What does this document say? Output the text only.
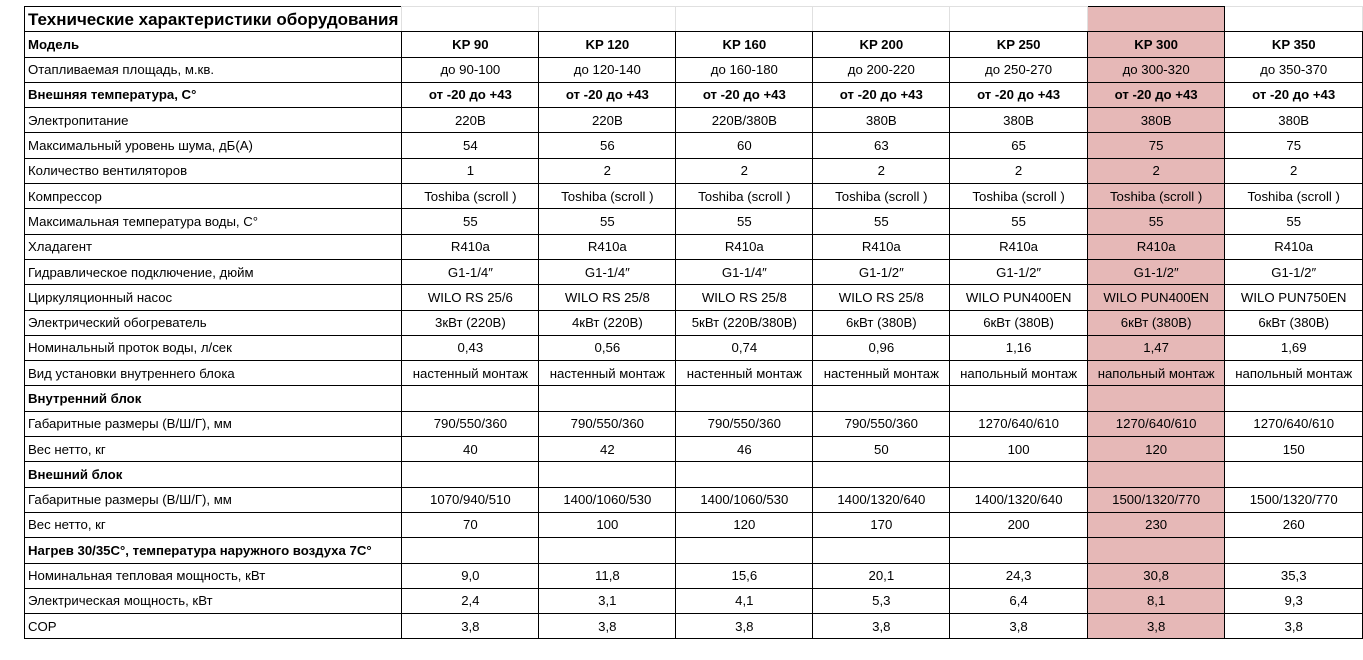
Технические характеристики оборудования							
Модель	KP 90	KP 120	KP 160	KP 200	KP 250	KP 300	KP 350
Отапливаемая площадь, м.кв.	до 90-100	до 120-140	до 160-180	до 200-220	до 250-270	до 300-320	до 350-370
Внешняя температура, С°	от -20 до +43	от -20 до +43	от -20 до +43	от -20 до +43	от -20 до +43	от -20 до +43	от -20 до +43
Электропитание	220В	220В	220В/380В	380В	380В	380В	380В
Максимальный уровень шума, дБ(А)	54	56	60	63	65	75	75
Количество вентиляторов	1	2	2	2	2	2	2
Компрессор	Toshiba (scroll )	Toshiba (scroll )	Toshiba (scroll )	Toshiba (scroll )	Toshiba (scroll )	Toshiba (scroll )	Toshiba (scroll )
Максимальная температура воды, С°	55	55	55	55	55	55	55
Хладагент	R410a	R410a	R410a	R410a	R410a	R410a	R410a
Гидравлическое подключение, дюйм	G1-1/4″	G1-1/4″	G1-1/4″	G1-1/2″	G1-1/2″	G1-1/2″	G1-1/2″
Циркуляционный насос	WILO RS 25/6	WILO RS 25/8	WILO RS 25/8	WILO RS 25/8	WILO PUN400EN	WILO PUN400EN	WILO PUN750EN
Электрический обогреватель	3кВт (220В)	4кВт (220В)	5кВт (220В/380В)	6кВт (380В)	6кВт (380В)	6кВт (380В)	6кВт (380В)
Номинальный проток воды, л/сек	0,43	0,56	0,74	0,96	1,16	1,47	1,69
Вид установки внутреннего блока	настенный монтаж	настенный монтаж	настенный монтаж	настенный монтаж	напольный монтаж	напольный монтаж	напольный монтаж
Внутренний блок							
Габаритные размеры (В/Ш/Г), мм	790/550/360	790/550/360	790/550/360	790/550/360	1270/640/610	1270/640/610	1270/640/610
Вес нетто, кг	40	42	46	50	100	120	150
Внешний блок							
Габаритные размеры (В/Ш/Г), мм	1070/940/510	1400/1060/530	1400/1060/530	1400/1320/640	1400/1320/640	1500/1320/770	1500/1320/770
Вес нетто, кг	70	100	120	170	200	230	260
Нагрев 30/35С°, температура наружного воздуха 7С°							
Номинальная тепловая мощность, кВт	9,0	11,8	15,6	20,1	24,3	30,8	35,3
Электрическая мощность, кВт	2,4	3,1	4,1	5,3	6,4	8,1	9,3
COP	3,8	3,8	3,8	3,8	3,8	3,8	3,8
